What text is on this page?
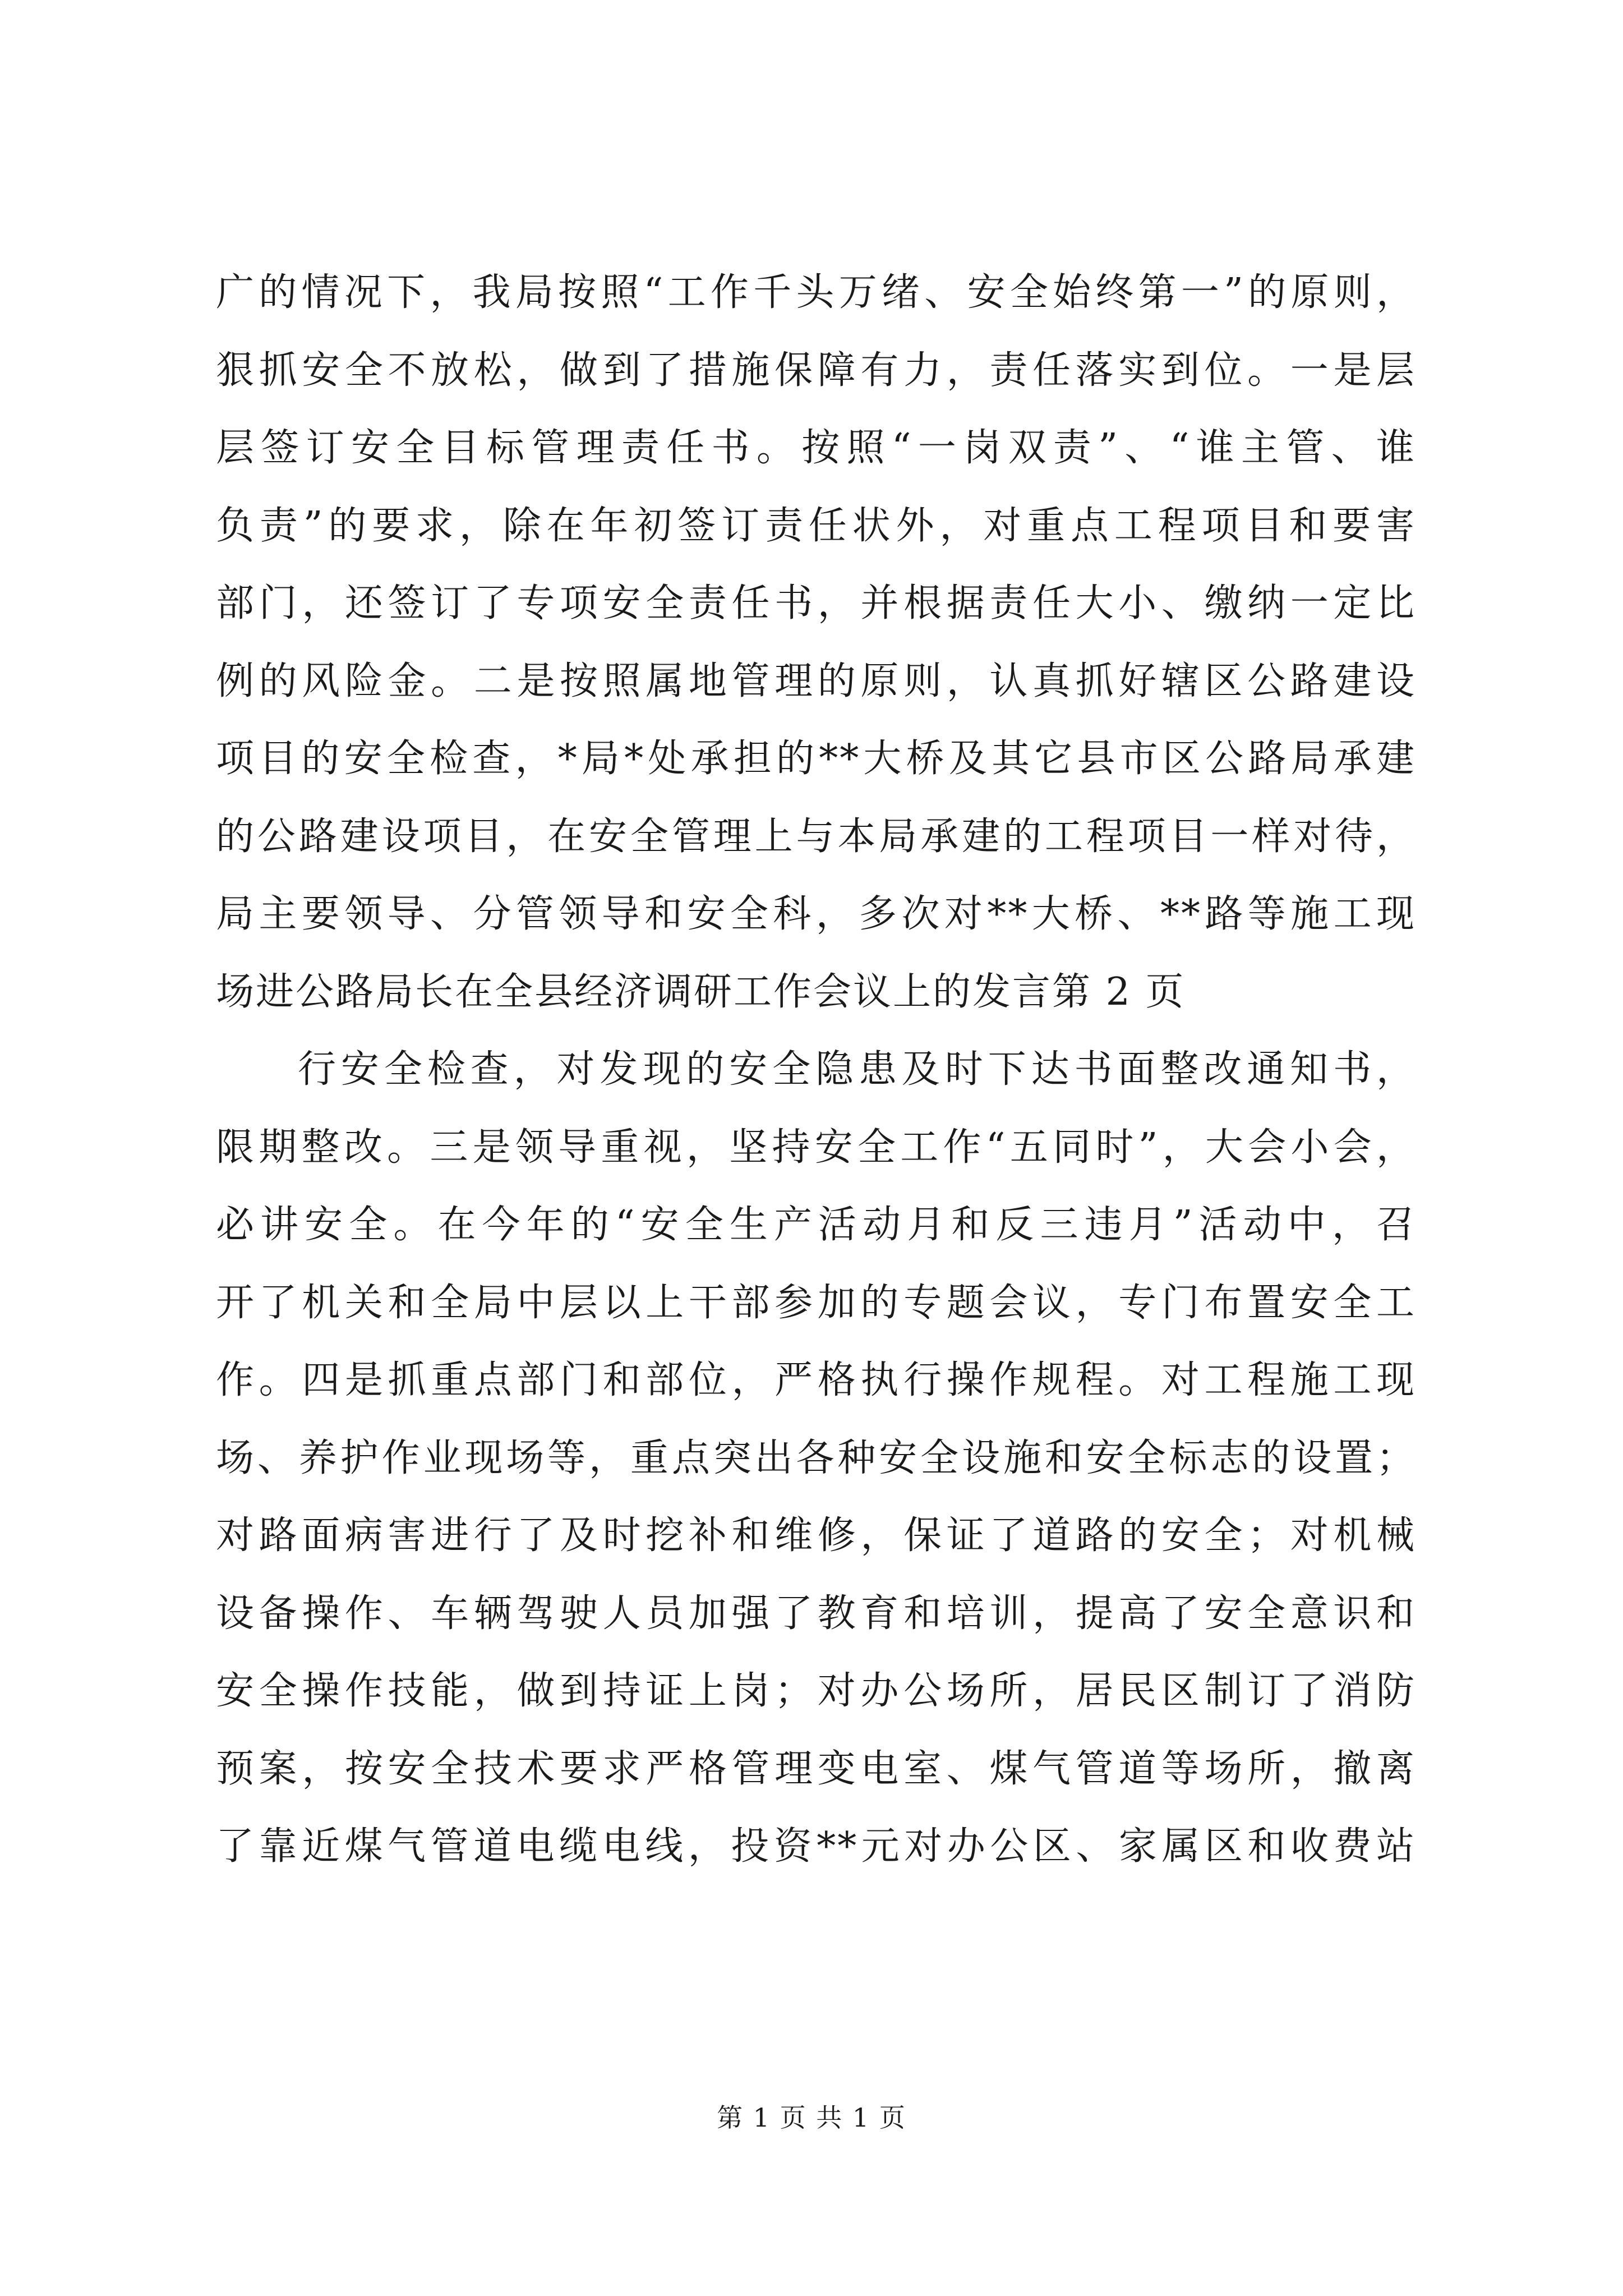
广的情况下，我局按照“工作千头万绪、安全始终第一”的原则，
狠抓安全不放松，做到了措施保障有力，责任落实到位。一是层
层签订安全目标管理责任书。按照“一岗双责”、“谁主管、谁
负责”的要求，除在年初签订责任状外，对重点工程项目和要害
部门，还签订了专项安全责任书，并根据责任大小、缴纳一定比
例的风险金。二是按照属地管理的原则，认真抓好辖区公路建设
项目的安全检查，*局*处承担的**大桥及其它县市区公路局承建
的公路建设项目，在安全管理上与本局承建的工程项目一样对待，
局主要领导、分管领导和安全科，多次对**大桥、**路等施工现
场进公路局长在全县经济调研工作会议上的发言第 2 页
行安全检查，对发现的安全隐患及时下达书面整改通知书，
限期整改。三是领导重视，坚持安全工作“五同时”，大会小会，
必讲安全。在今年的“安全生产活动月和反三违月”活动中，召
开了机关和全局中层以上干部参加的专题会议，专门布置安全工
作。四是抓重点部门和部位，严格执行操作规程。对工程施工现
场、养护作业现场等，重点突出各种安全设施和安全标志的设置；
对路面病害进行了及时挖补和维修，保证了道路的安全；对机械
设备操作、车辆驾驶人员加强了教育和培训，提高了安全意识和
安全操作技能，做到持证上岗；对办公场所，居民区制订了消防
预案，按安全技术要求严格管理变电室、煤气管道等场所，撤离
了靠近煤气管道电缆电线，投资**元对办公区、家属区和收费站
第 1 页 共 1 页
